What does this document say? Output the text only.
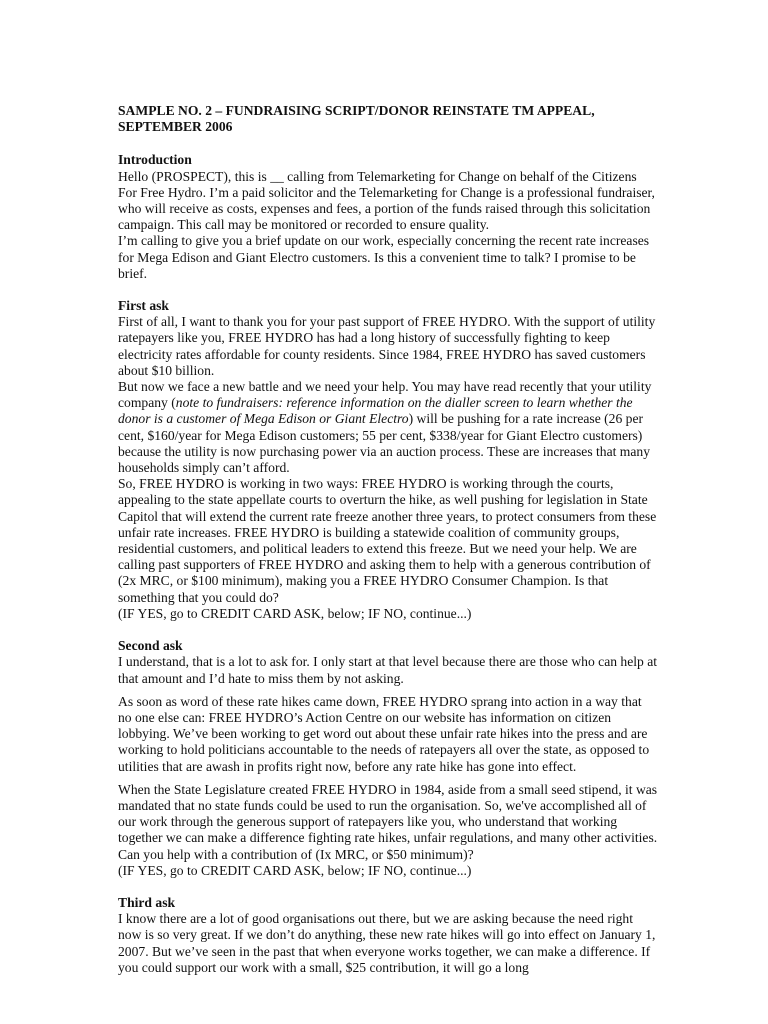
SAMPLE NO. 2 – FUNDRAISING SCRIPT/DONOR REINSTATE TM APPEAL, SEPTEMBER 2006

Introduction

Hello (PROSPECT), this is __ calling from Telemarketing for Change on behalf of the Citizens For Free Hydro. I’m a paid solicitor and the Telemarketing for Change is a professional fundraiser, who will receive as costs, expenses and fees, a portion of the funds raised through this solicitation campaign. This call may be monitored or recorded to ensure quality.

I’m calling to give you a brief update on our work, especially concerning the recent rate increases for Mega Edison and Giant Electro customers. Is this a convenient time to talk? I promise to be brief.

First ask

First of all, I want to thank you for your past support of FREE HYDRO. With the support of utility ratepayers like you, FREE HYDRO has had a long history of successfully fighting to keep electricity rates affordable for county residents. Since 1984, FREE HYDRO has saved customers about $10 billion.

But now we face a new battle and we need your help. You may have read recently that your utility company (note to fundraisers: reference information on the dialler screen to learn whether the donor is a customer of Mega Edison or Giant Electro) will be pushing for a rate increase (26 per cent, $160/year for Mega Edison customers; 55 per cent, $338/year for Giant Electro customers) because the utility is now purchasing power via an auction process. These are increases that many households simply can’t afford.

So, FREE HYDRO is working in two ways: FREE HYDRO is working through the courts, appealing to the state appellate courts to overturn the hike, as well pushing for legislation in State Capitol that will extend the current rate freeze another three years, to protect consumers from these unfair rate increases. FREE HYDRO is building a statewide coalition of community groups, residential customers, and political leaders to extend this freeze. But we need your help. We are calling past supporters of FREE HYDRO and asking them to help with a generous contribution of (2x MRC, or $100 minimum), making you a FREE HYDRO Consumer Champion. Is that something that you could do?

(IF YES, go to CREDIT CARD ASK, below; IF NO, continue...)

Second ask

I understand, that is a lot to ask for. I only start at that level because there are those who can help at that amount and I’d hate to miss them by not asking.

As soon as word of these rate hikes came down, FREE HYDRO sprang into action in a way that no one else can: FREE HYDRO’s Action Centre on our website has information on citizen lobbying. We’ve been working to get word out about these unfair rate hikes into the press and are working to hold politicians accountable to the needs of ratepayers all over the state, as opposed to utilities that are awash in profits right now, before any rate hike has gone into effect.

When the State Legislature created FREE HYDRO in 1984, aside from a small seed stipend, it was mandated that no state funds could be used to run the organisation. So, we've accomplished all of our work through the generous support of ratepayers like you, who understand that working together we can make a difference fighting rate hikes, unfair regulations, and many other activities.

Can you help with a contribution of (Ix MRC, or $50 minimum)?

(IF YES, go to CREDIT CARD ASK, below; IF NO, continue...)

Third ask

I know there are a lot of good organisations out there, but we are asking because the need right now is so very great. If we don’t do anything, these new rate hikes will go into effect on January 1, 2007. But we’ve seen in the past that when everyone works together, we can make a difference. If you could support our work with a small, $25 contribution, it will go a long
